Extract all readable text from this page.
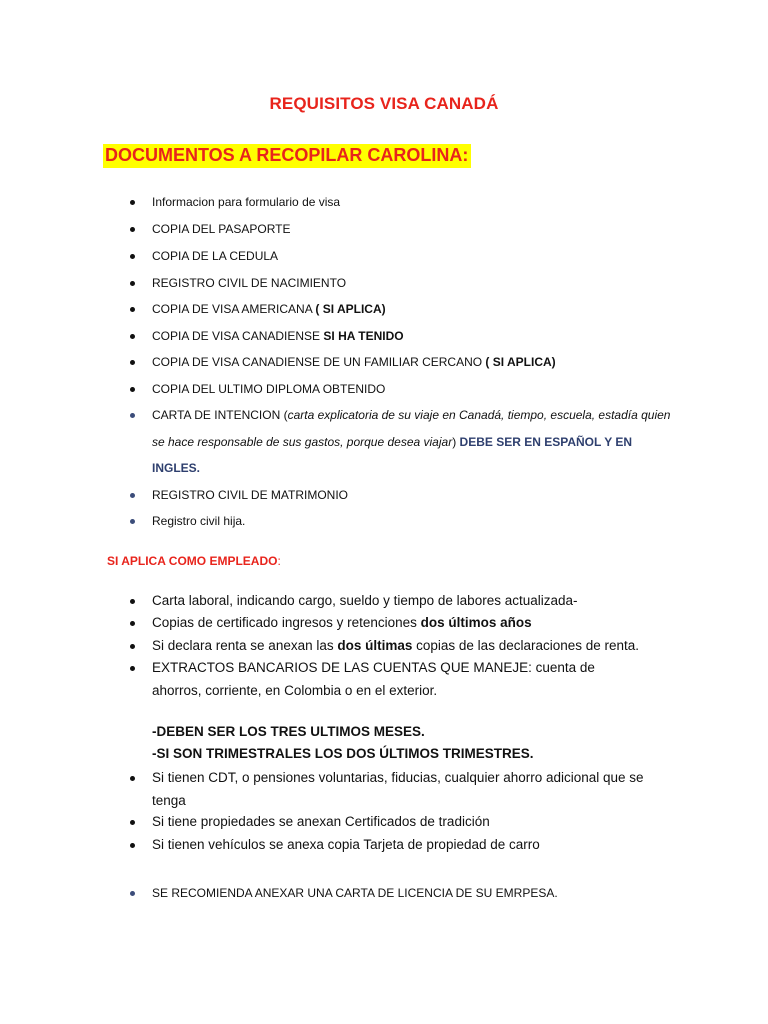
REQUISITOS VISA CANADÁ
DOCUMENTOS A RECOPILAR CAROLINA:
Informacion para formulario de visa
COPIA DEL PASAPORTE
COPIA DE LA CEDULA
REGISTRO CIVIL DE NACIMIENTO
COPIA DE VISA AMERICANA ( SI APLICA)
COPIA DE VISA CANADIENSE SI HA TENIDO
COPIA DE VISA CANADIENSE DE UN FAMILIAR CERCANO ( SI APLICA)
COPIA DEL ULTIMO DIPLOMA OBTENIDO
CARTA DE INTENCION (carta explicatoria de su viaje en Canadá, tiempo, escuela, estadía quien se hace responsable de sus gastos, porque desea viajar) DEBE SER EN ESPAÑOL Y EN INGLES.
REGISTRO CIVIL DE MATRIMONIO
Registro civil hija.
SI APLICA COMO EMPLEADO:
Carta laboral, indicando cargo, sueldo y tiempo de labores actualizada-
Copias de certificado ingresos y retenciones dos últimos años
Si declara renta se anexan las dos últimas copias de las declaraciones de renta.
EXTRACTOS BANCARIOS DE LAS CUENTAS QUE MANEJE: cuenta de ahorros, corriente, en Colombia o en el exterior.
-DEBEN SER LOS TRES ULTIMOS MESES.
-SI SON TRIMESTRALES LOS DOS ÚLTIMOS TRIMESTRES.
Si tienen CDT, o pensiones voluntarias, fiducias, cualquier ahorro adicional que se tenga
Si tiene propiedades se anexan Certificados de tradición
Si tienen vehículos se anexa copia Tarjeta de propiedad de carro
SE RECOMIENDA ANEXAR UNA CARTA DE LICENCIA DE SU EMRPESA.
